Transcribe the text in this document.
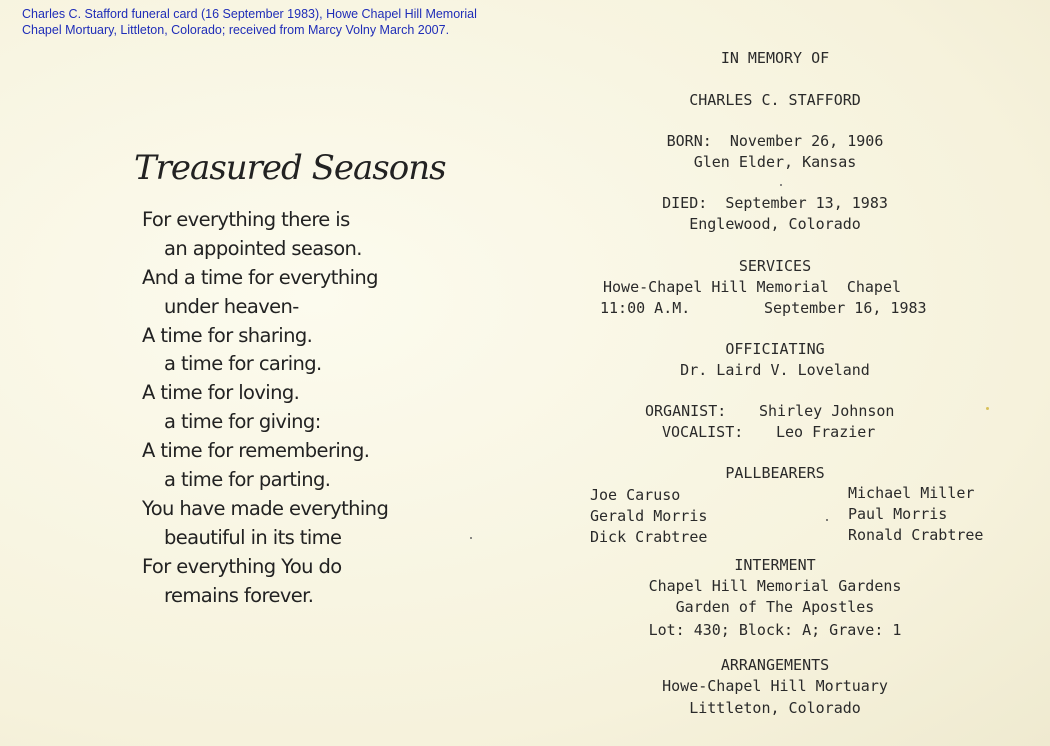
Charles C. Stafford funeral card (16 September 1983), Howe Chapel Hill Memorial Chapel Mortuary, Littleton, Colorado; received from Marcy Volny March 2007.
Treasured Seasons
For everything there is
an appointed season.
And a time for everything
under heaven-
A time for sharing.
a time for caring.
A time for loving.
a time for giving:
A time for remembering.
a time for parting.
You have made everything
beautiful in its time
For everything You do
remains forever.
IN MEMORY OF
CHARLES C. STAFFORD
BORN: November 26, 1906
Glen Elder, Kansas
DIED: September 13, 1983
Englewood, Colorado
SERVICES
Howe-Chapel Hill Memorial  Chapel
11:00 A.M.	September 16, 1983
OFFICIATING
Dr. Laird V. Loveland
ORGANIST: Shirley Johnson
VOCALIST: Leo Frazier
PALLBEARERS
Joe Caruso
Gerald Morris
Dick Crabtree
Michael Miller
Paul Morris
Ronald Crabtree
INTERMENT
Chapel Hill Memorial Gardens
Garden of The Apostles
Lot: 430; Block: A; Grave: 1
ARRANGEMENTS
Howe-Chapel Hill Mortuary
Littleton, Colorado
